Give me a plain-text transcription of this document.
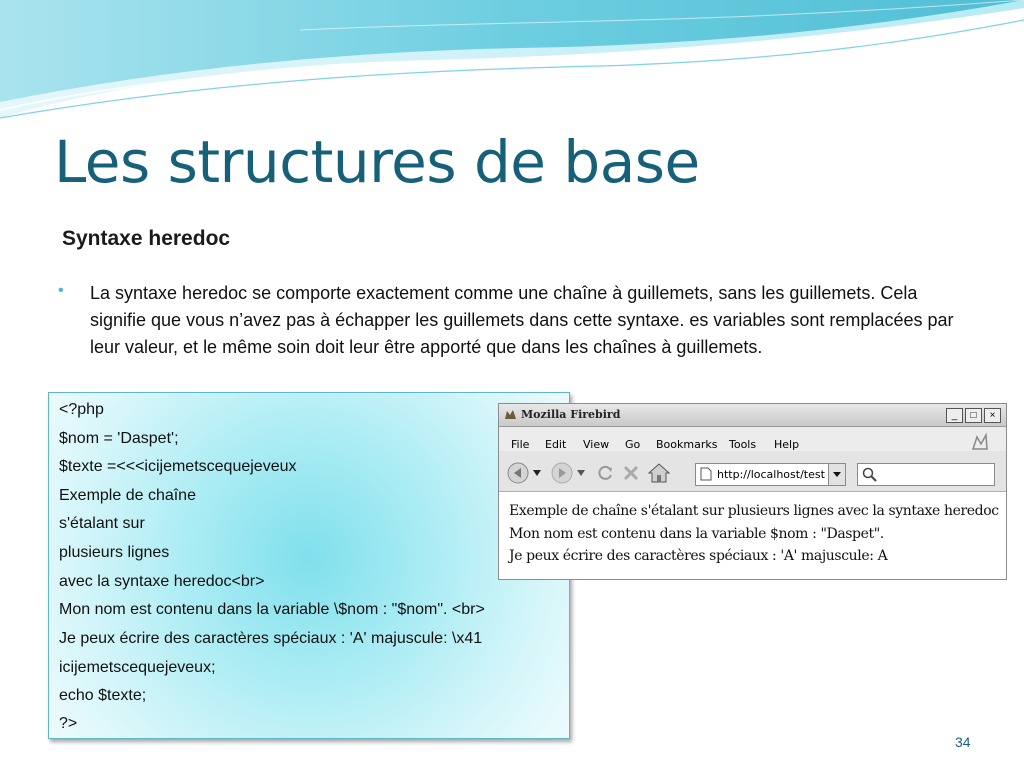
Les structures de base
Syntaxe heredoc
• La syntaxe heredoc se comporte exactement comme une chaîne à guillemets, sans les guillemets. Cela signifie que vous n’avez pas à échapper les guillemets dans cette syntaxe. es variables sont remplacées par leur valeur, et le même soin doit leur être apporté que dans les chaînes à guillemets.

<?php
$nom = 'Daspet';
$texte =<<<icijemetscequejeveux
Exemple de chaîne
s'étalant sur
plusieurs lignes
avec la syntaxe heredoc<br>
Mon nom est contenu dans la variable \$nom : "$nom". <br>
Je peux écrire des caractères spéciaux : 'A' majuscule: \x41
icijemetscequejeveux;
echo $texte;
?>
Mozilla Firebird	_	□	×
File Edit View Go Bookmarks Tools Help
http://localhost/test
Exemple de chaîne s'étalant sur plusieurs lignes avec la syntaxe heredoc
Mon nom est contenu dans la variable $nom : "Daspet".
Je peux écrire des caractères spéciaux : 'A' majuscule: A
34
